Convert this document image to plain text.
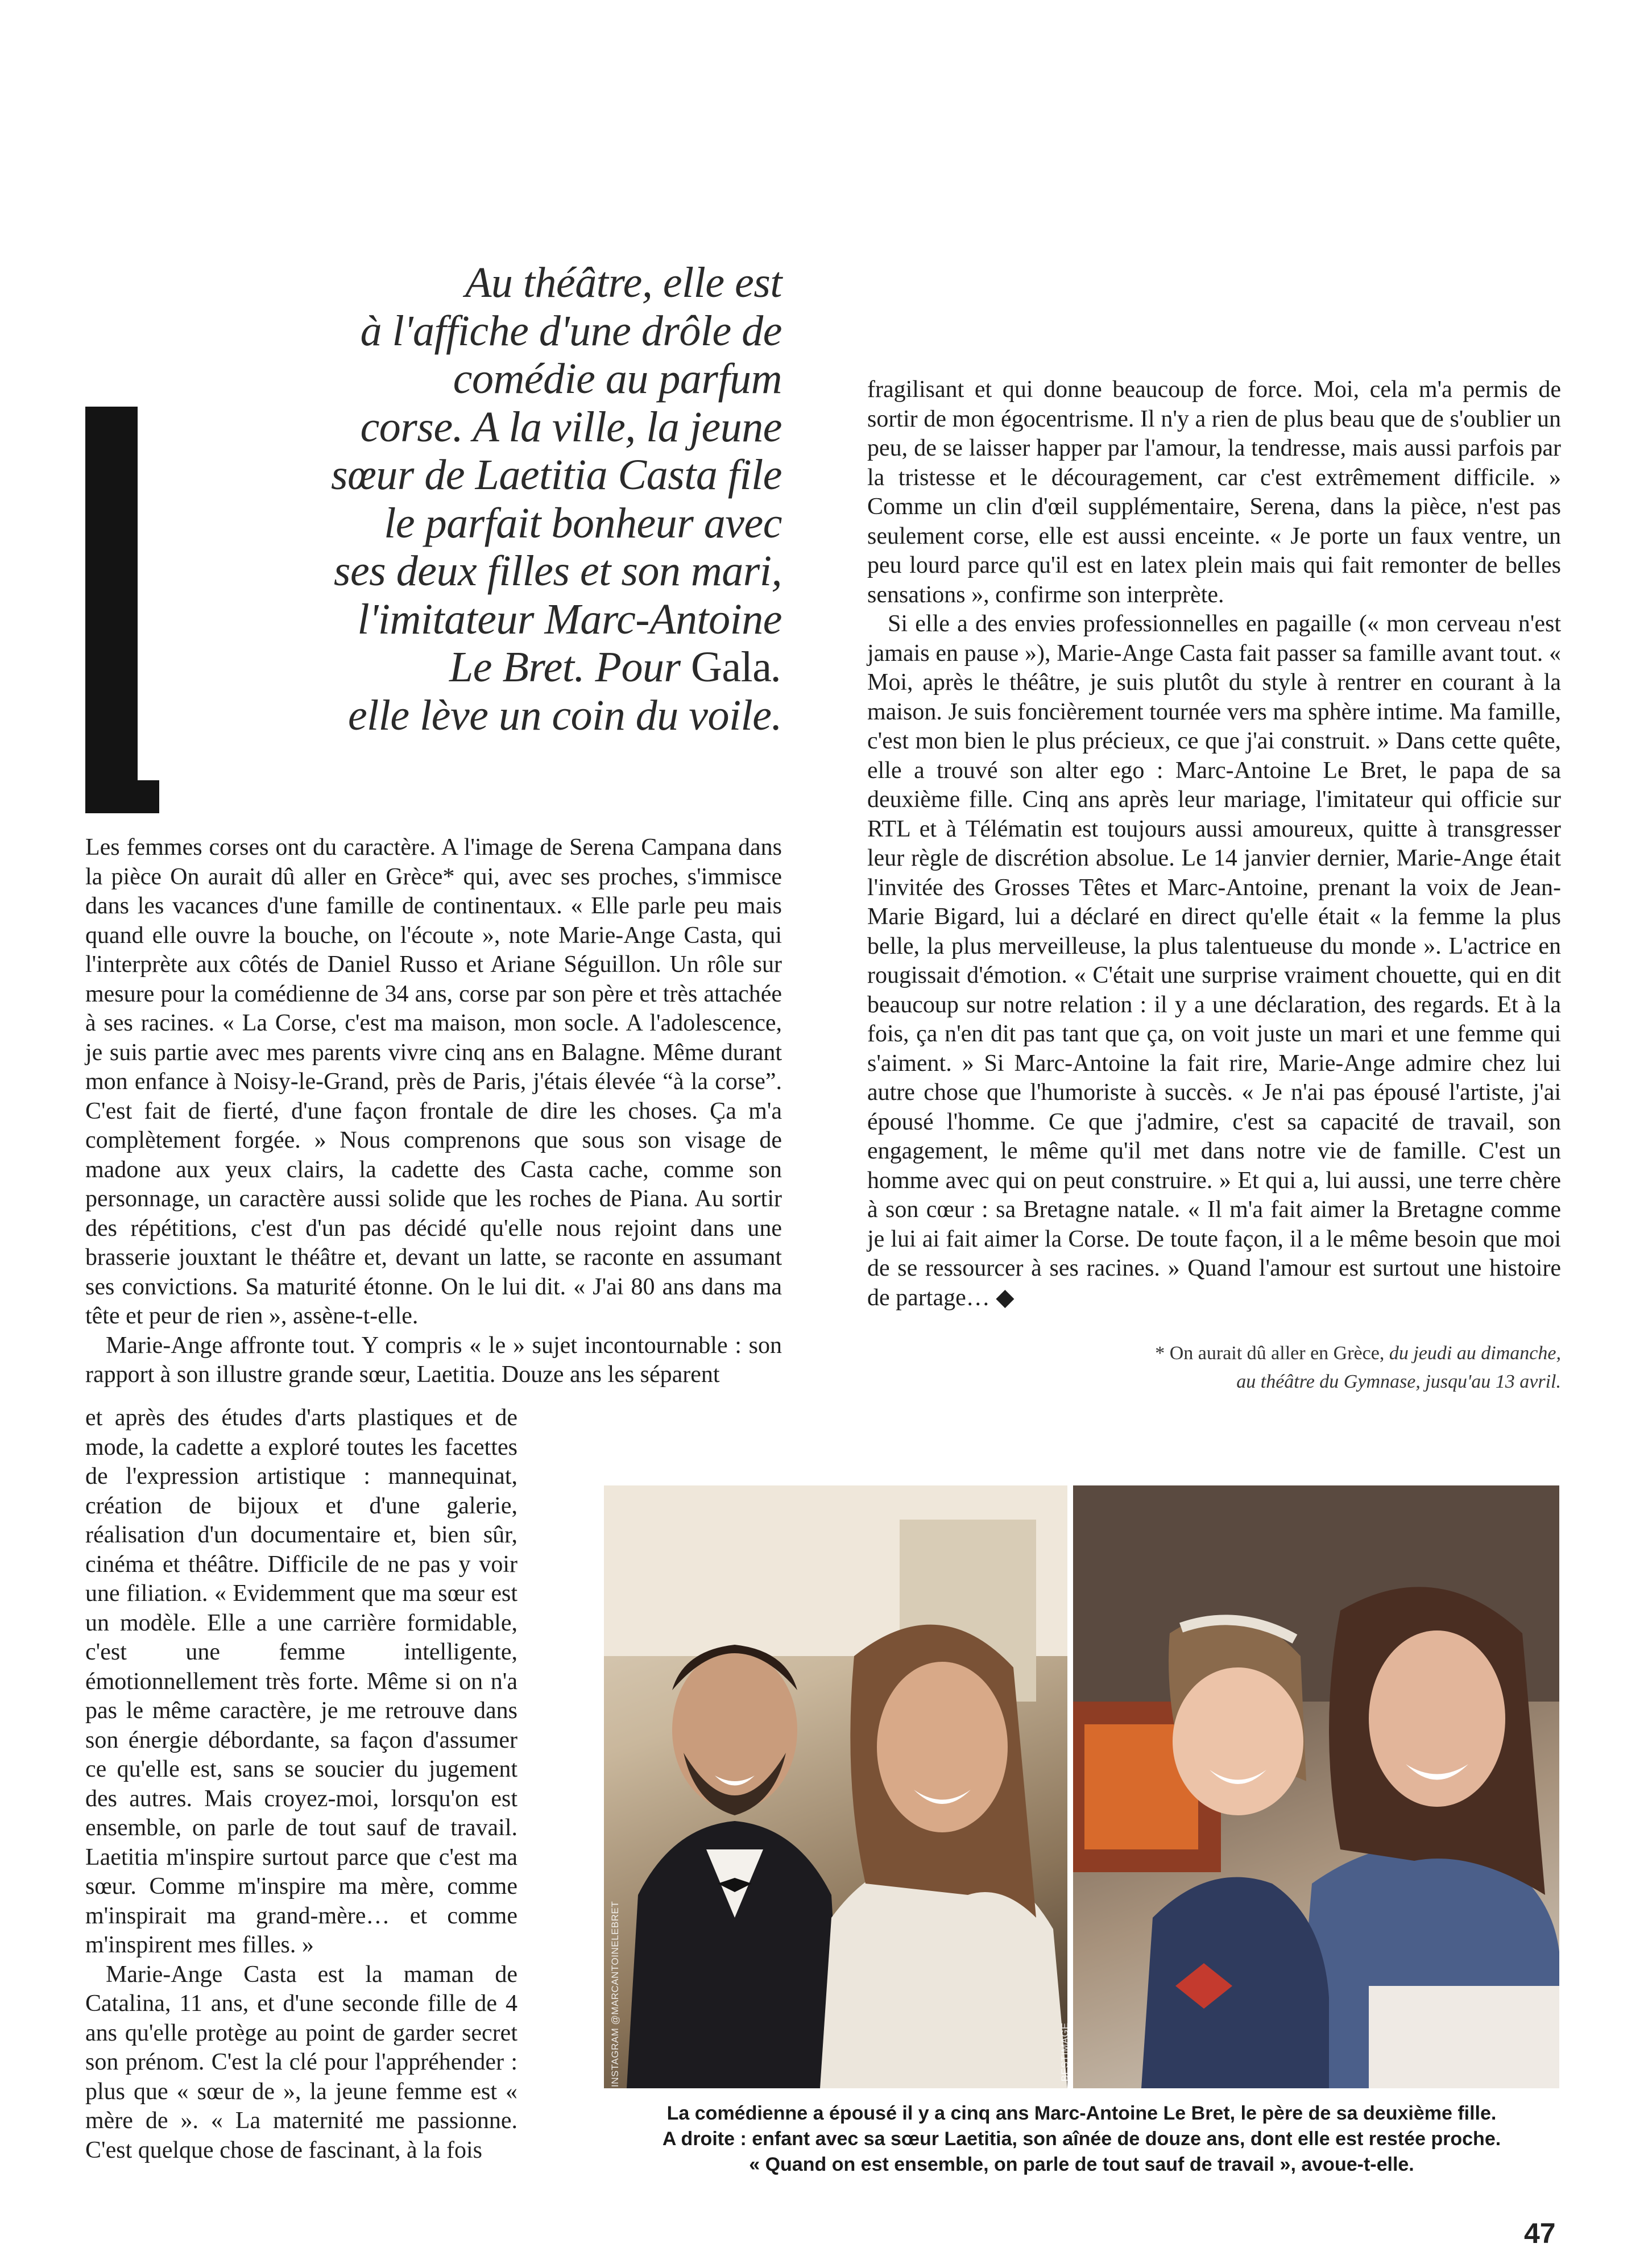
Au théâtre, elle est
à l'affiche d'une drôle de
comédie au parfum
corse. A la ville, la jeune
sœur de Laetitia Casta file
le parfait bonheur avec
ses deux filles et son mari,
l'imitateur Marc-Antoine
Le Bret. Pour Gala.
elle lève un coin du voile.

Les femmes corses ont du caractère. A l'image de Serena Campana dans la pièce On aurait dû aller en Grèce* qui, avec ses proches, s'immisce dans les vacances d'une famille de continentaux. « Elle parle peu mais quand elle ouvre la bouche, on l'écoute », note Marie-Ange Casta, qui l'interprète aux côtés de Daniel Russo et Ariane Séguillon. Un rôle sur mesure pour la comédienne de 34 ans, corse par son père et très attachée à ses racines. « La Corse, c'est ma maison, mon socle. A l'adolescence, je suis partie avec mes parents vivre cinq ans en Balagne. Même durant mon enfance à Noisy-le-Grand, près de Paris, j'étais élevée “à la corse”. C'est fait de fierté, d'une façon frontale de dire les choses. Ça m'a complètement forgée. » Nous comprenons que sous son visage de madone aux yeux clairs, la cadette des Casta cache, comme son personnage, un caractère aussi solide que les roches de Piana. Au sortir des répétitions, c'est d'un pas décidé qu'elle nous rejoint dans une brasserie jouxtant le théâtre et, devant un latte, se raconte en assumant ses convictions. Sa maturité étonne. On le lui dit. « J'ai 80 ans dans ma tête et peur de rien », assène-t-elle.

Marie-Ange affronte tout. Y compris « le » sujet incontournable : son rapport à son illustre grande sœur, Laetitia. Douze ans les séparent

et après des études d'arts plastiques et de mode, la cadette a exploré toutes les facettes de l'expression artistique : mannequinat, création de bijoux et d'une galerie, réalisation d'un documentaire et, bien sûr, cinéma et théâtre. Difficile de ne pas y voir une filiation. « Evidemment que ma sœur est un modèle. Elle a une carrière formidable, c'est une femme intelligente, émotionnellement très forte. Même si on n'a pas le même caractère, je me retrouve dans son énergie débordante, sa façon d'assumer ce qu'elle est, sans se soucier du jugement des autres. Mais croyez-moi, lorsqu'on est ensemble, on parle de tout sauf de travail. Laetitia m'inspire surtout parce que c'est ma sœur. Comme m'inspire ma mère, comme m'inspirait ma grand-mère… et comme m'inspirent mes filles. »

Marie-Ange Casta est la maman de Catalina, 11 ans, et d'une seconde fille de 4 ans qu'elle protège au point de garder secret son prénom. C'est la clé pour l'appréhender : plus que « sœur de », la jeune femme est « mère de ». « La maternité me passionne. C'est quelque chose de fascinant, à la fois

fragilisant et qui donne beaucoup de force. Moi, cela m'a permis de sortir de mon égocentrisme. Il n'y a rien de plus beau que de s'oublier un peu, de se laisser happer par l'amour, la tendresse, mais aussi parfois par la tristesse et le découragement, car c'est extrêmement difficile. » Comme un clin d'œil supplémentaire, Serena, dans la pièce, n'est pas seulement corse, elle est aussi enceinte. « Je porte un faux ventre, un peu lourd parce qu'il est en latex plein mais qui fait remonter de belles sensations », confirme son interprète.

Si elle a des envies professionnelles en pagaille (« mon cerveau n'est jamais en pause »), Marie-Ange Casta fait passer sa famille avant tout. « Moi, après le théâtre, je suis plutôt du style à rentrer en courant à la maison. Je suis foncièrement tournée vers ma sphère intime. Ma famille, c'est mon bien le plus précieux, ce que j'ai construit. » Dans cette quête, elle a trouvé son alter ego : Marc-Antoine Le Bret, le papa de sa deuxième fille. Cinq ans après leur mariage, l'imitateur qui officie sur RTL et à Télématin est toujours aussi amoureux, quitte à transgresser leur règle de discrétion absolue. Le 14 janvier dernier, Marie-Ange était l'invitée des Grosses Têtes et Marc-Antoine, prenant la voix de Jean-Marie Bigard, lui a déclaré en direct qu'elle était « la femme la plus belle, la plus merveilleuse, la plus talentueuse du monde ». L'actrice en rougissait d'émotion. « C'était une surprise vraiment chouette, qui en dit beaucoup sur notre relation : il y a une déclaration, des regards. Et à la fois, ça n'en dit pas tant que ça, on voit juste un mari et une femme qui s'aiment. » Si Marc-Antoine la fait rire, Marie-Ange admire chez lui autre chose que l'humoriste à succès. « Je n'ai pas épousé l'artiste, j'ai épousé l'homme. Ce que j'admire, c'est sa capacité de travail, son engagement, le même qu'il met dans notre vie de famille. C'est un homme avec qui on peut construire. » Et qui a, lui aussi, une terre chère à son cœur : sa Bretagne natale. « Il m'a fait aimer la Bretagne comme je lui ai fait aimer la Corse. De toute façon, il a le même besoin que moi de se ressourcer à ses racines. » Quand l'amour est surtout une histoire de partage… ◆

* On aurait dû aller en Grèce, du jeudi au dimanche,
au théâtre du Gymnase, jusqu'au 13 avril.
INSTAGRAM @MARCANTOINELEBRET	BESTIMAGE
La comédienne a épousé il y a cinq ans Marc-Antoine Le Bret, le père de sa deuxième fille.
A droite : enfant avec sa sœur Laetitia, son aînée de douze ans, dont elle est restée proche.
« Quand on est ensemble, on parle de tout sauf de travail », avoue-t-elle.
47
